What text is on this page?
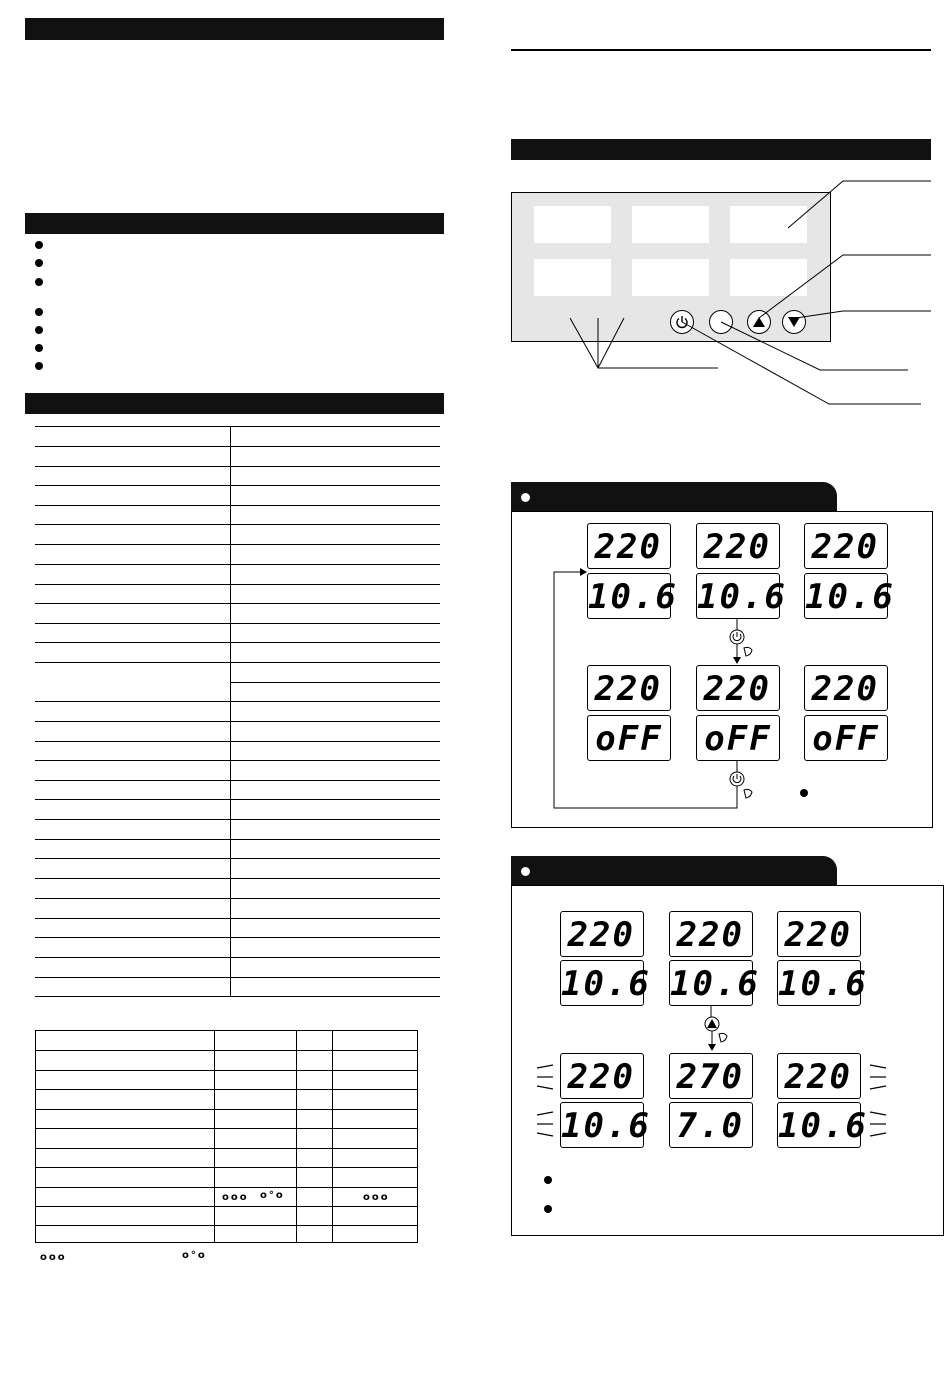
ooo o°o	ooo
ooo	o°o
220
10.6
220
10.6
220
10.6
220
oFF
220
oFF
220
oFF
220
10.6
220
10.6
220
10.6
220
10.6
270
7.0
220
10.6
